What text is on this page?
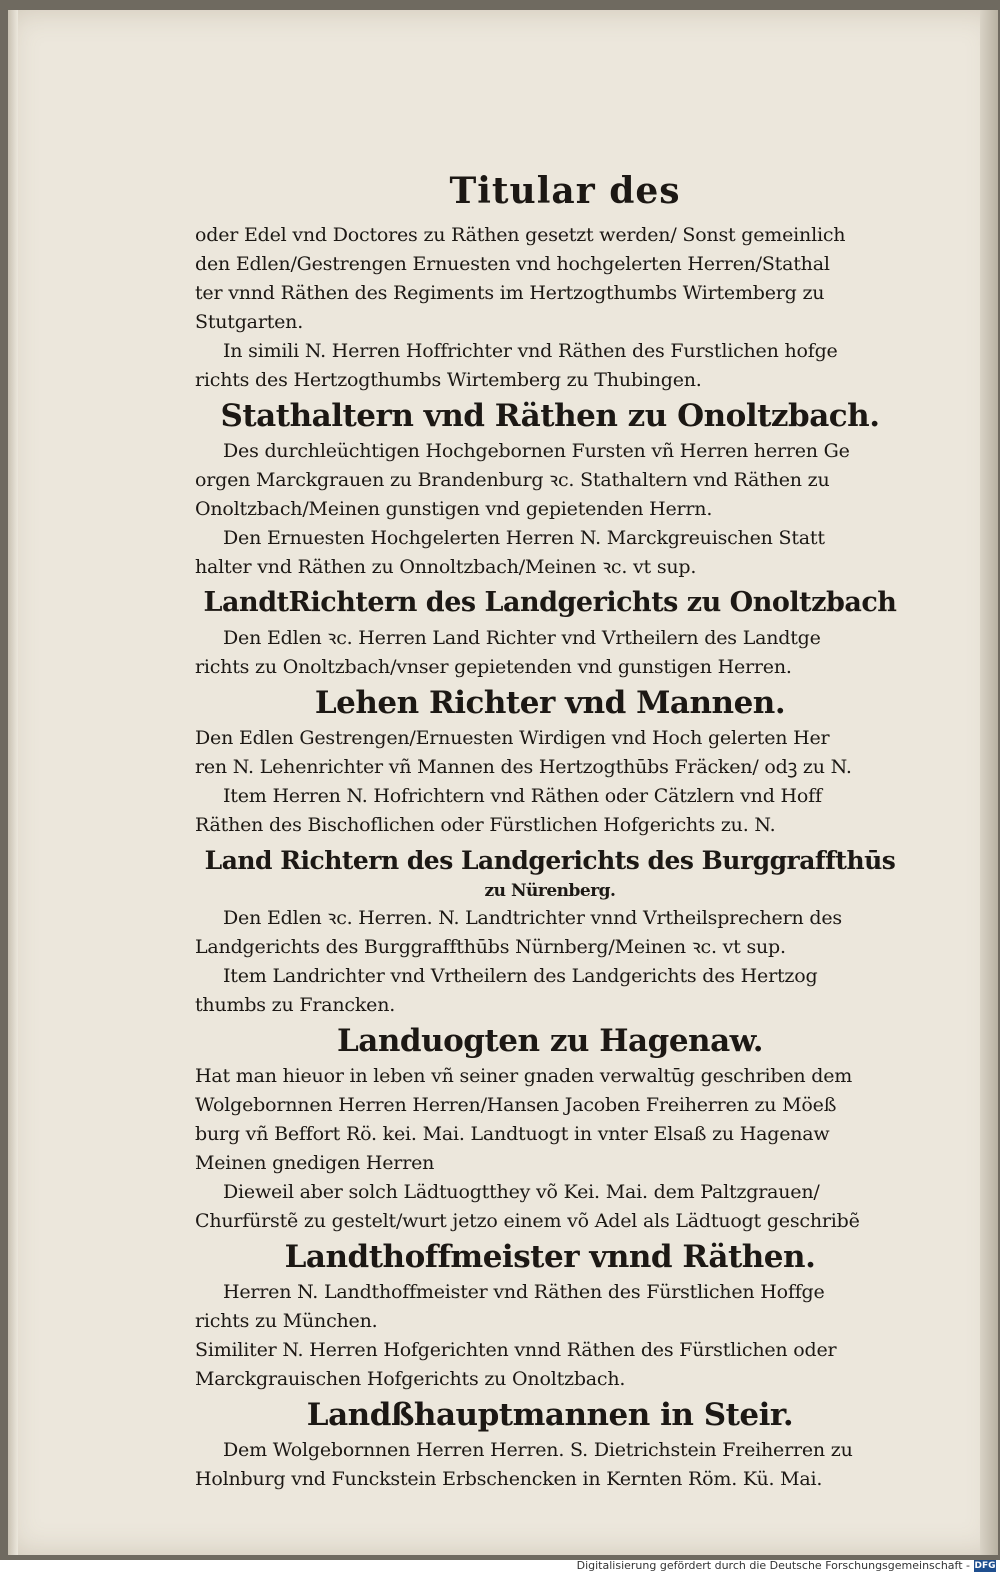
Titular des
oder Edel vnd Doctores zu Räthen gesetzt werden/ Sonst gemeinlich
den Edlen/Gestrengen Ernuesten vnd hochgelerten Herren/Stathal
ter vnnd Räthen des Regiments im Hertzogthumbs Wirtemberg zu
Stutgarten.
In simili N. Herren Hoffrichter vnd Räthen des Furstlichen hofge
richts des Hertzogthumbs Wirtemberg zu Thubingen.
Stathaltern vnd Räthen zu Onoltzbach.
Des durchleüchtigen Hochgebornen Fursten vñ Herren herren Ge
orgen Marckgrauen zu Brandenburg ꝛc. Stathaltern vnd Räthen zu
Onoltzbach/Meinen gunstigen vnd gepietenden Herrn.
Den Ernuesten Hochgelerten Herren N. Marckgreuischen Statt
halter vnd Räthen zu Onnoltzbach/Meinen ꝛc. vt sup.
LandtRichtern des Landgerichts zu Onoltzbach
Den Edlen ꝛc. Herren Land Richter vnd Vrtheilern des Landtge
richts zu Onoltzbach/vnser gepietenden vnd gunstigen Herren.
Lehen Richter vnd Mannen.
Den Edlen Gestrengen/Ernuesten Wirdigen vnd Hoch gelerten Her
ren N. Lehenrichter vñ Mannen des Hertzogthūbs Fräcken/ odꝫ zu N.
Item Herren N. Hofrichtern vnd Räthen oder Cätzlern vnd Hoff
Räthen des Bischoflichen oder Fürstlichen Hofgerichts zu. N.
Land Richtern des Landgerichts des Burggraffthūs
zu Nürenberg.
Den Edlen ꝛc. Herren. N. Landtrichter vnnd Vrtheilsprechern des
Landgerichts des Burggraffthūbs Nürnberg/Meinen ꝛc. vt sup.
Item Landrichter vnd Vrtheilern des Landgerichts des Hertzog
thumbs zu Francken.
Landuogten zu Hagenaw.
Hat man hieuor in leben vñ seiner gnaden verwaltūg geschriben dem
Wolgebornnen Herren Herren/Hansen Jacoben Freiherren zu Möeß
burg vñ Beffort Rö. kei. Mai. Landtuogt in vnter Elsaß zu Hagenaw
Meinen gnedigen Herren
Dieweil aber solch Lädtuogtthey võ Kei. Mai. dem Paltzgrauen/
Churfürstẽ zu gestelt/wurt jetzo einem võ Adel als Lädtuogt geschribẽ
Landthoffmeister vnnd Räthen.
Herren N. Landthoffmeister vnd Räthen des Fürstlichen Hoffge
richts zu München.
Similiter N. Herren Hofgerichten vnnd Räthen des Fürstlichen oder
Marckgrauischen Hofgerichts zu Onoltzbach.
Landßhauptmannen in Steir.
Dem Wolgebornnen Herren Herren. S. Dietrichstein Freiherren zu
Holnburg vnd Funckstein Erbschencken in Kernten Röm. Kü. Mai.
Digitalisierung gefördert durch die Deutsche Forschungsgemeinschaft - DFG
